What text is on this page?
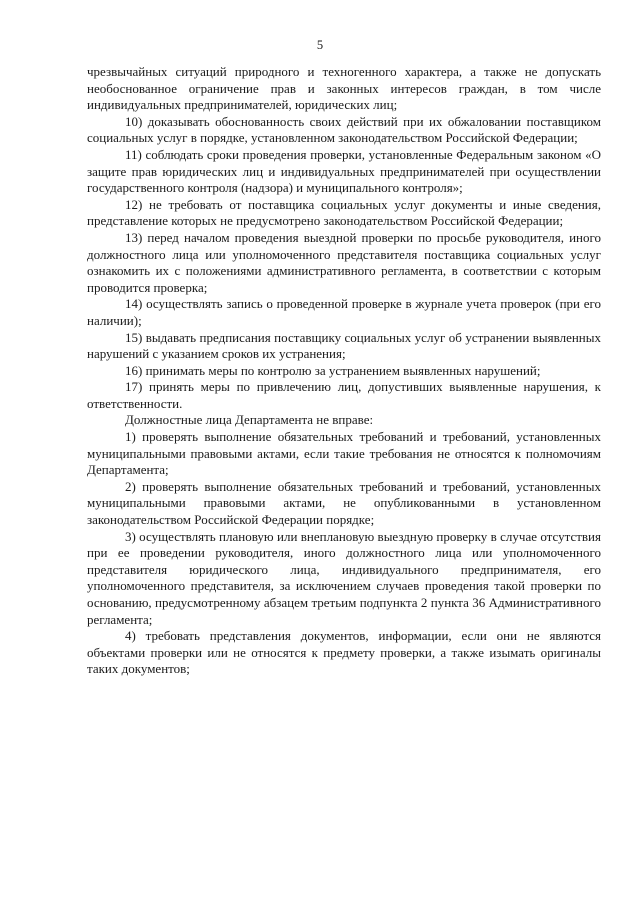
5

чрезвычайных ситуаций природного и техногенного характера, а также не допускать необоснованное ограничение прав и законных интересов граждан, в том числе индивидуальных предпринимателей, юридических лиц;

10) доказывать обоснованность своих действий при их обжаловании поставщиком социальных услуг в порядке, установленном законодательством Российской Федерации;

11) соблюдать сроки проведения проверки, установленные Федеральным законом «О защите прав юридических лиц и индивидуальных предпринимателей при осуществлении государственного контроля (надзора) и муниципального контроля»;

12) не требовать от поставщика социальных услуг документы и иные сведения, представление которых не предусмотрено законодательством Российской Федерации;

13) перед началом проведения выездной проверки по просьбе руководителя, иного должностного лица или уполномоченного представителя поставщика социальных услуг ознакомить их с положениями административного регламента, в соответствии с которым проводится проверка;

14) осуществлять запись о проведенной проверке в журнале учета проверок (при его наличии);

15) выдавать предписания поставщику социальных услуг об устранении выявленных нарушений с указанием сроков их устранения;

16) принимать меры по контролю за устранением выявленных нарушений;

17) принять меры по привлечению лиц, допустивших выявленные нарушения, к ответственности.

Должностные лица Департамента не вправе:

1) проверять выполнение обязательных требований и требований, установленных муниципальными правовыми актами, если такие требования не относятся к полномочиям Департамента;

2) проверять выполнение обязательных требований и требований, установленных муниципальными правовыми актами, не опубликованными в установленном законодательством Российской Федерации порядке;

3) осуществлять плановую или внеплановую выездную проверку в случае отсутствия при ее проведении руководителя, иного должностного лица или уполномоченного представителя юридического лица, индивидуального предпринимателя, его уполномоченного представителя, за исключением случаев проведения такой проверки по основанию, предусмотренному абзацем третьим подпункта 2 пункта 36 Административного регламента;

4) требовать представления документов, информации, если они не являются объектами проверки или не относятся к предмету проверки, а также изымать оригиналы таких документов;
